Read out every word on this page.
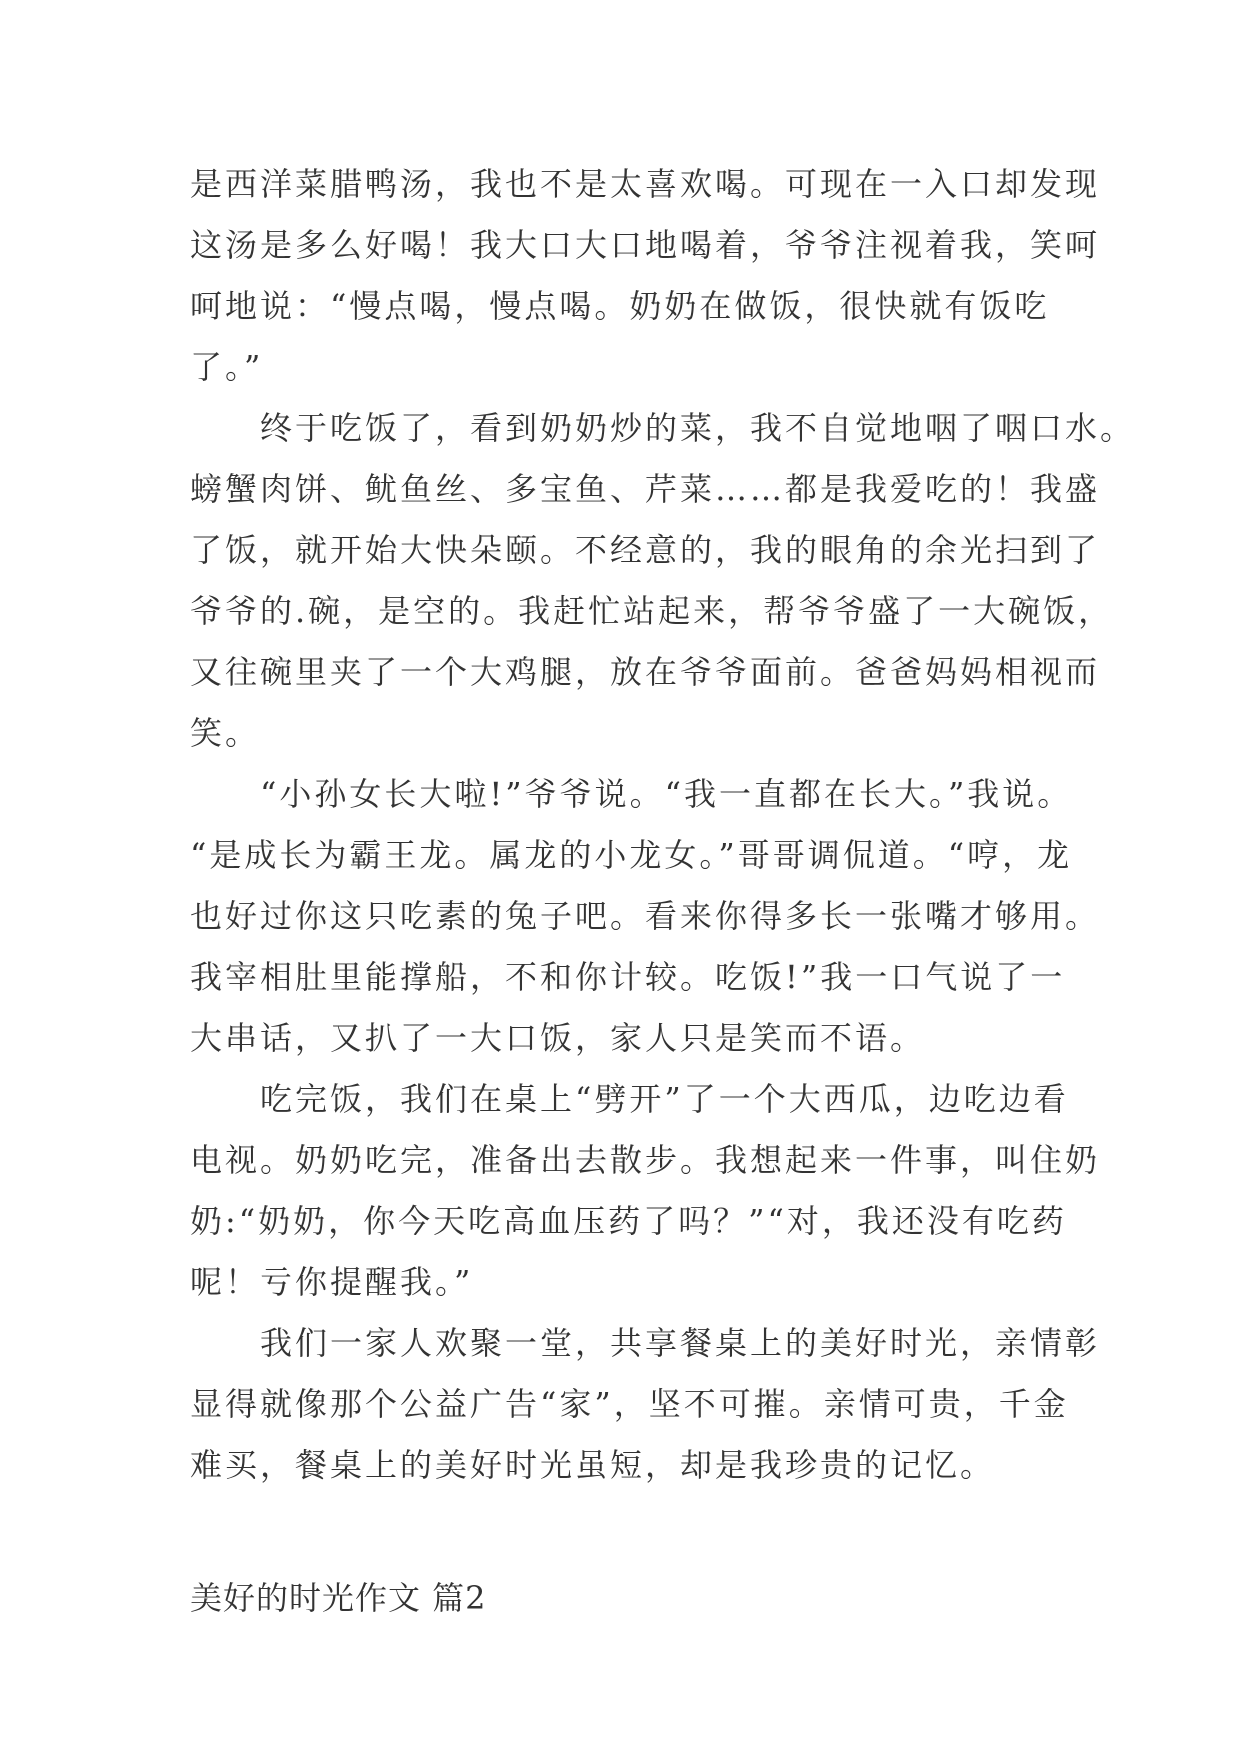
是西洋菜腊鸭汤，我也不是太喜欢喝。可现在一入口却发现
这汤是多么好喝！我大口大口地喝着，爷爷注视着我，笑呵
呵地说：“慢点喝，慢点喝。奶奶在做饭，很快就有饭吃
了。”
　　终于吃饭了，看到奶奶炒的菜，我不自觉地咽了咽口水。
螃蟹肉饼、鱿鱼丝、多宝鱼、芹菜……都是我爱吃的！我盛
了饭，就开始大快朵颐。不经意的，我的眼角的余光扫到了
爷爷的.碗，是空的。我赶忙站起来，帮爷爷盛了一大碗饭，
又往碗里夹了一个大鸡腿，放在爷爷面前。爸爸妈妈相视而
笑。
　　“小孙女长大啦!”爷爷说。“我一直都在长大。”我说。
“是成长为霸王龙。属龙的小龙女。”哥哥调侃道。“哼，龙
也好过你这只吃素的兔子吧。看来你得多长一张嘴才够用。
我宰相肚里能撑船，不和你计较。吃饭!”我一口气说了一
大串话，又扒了一大口饭，家人只是笑而不语。
　　吃完饭，我们在桌上“劈开”了一个大西瓜，边吃边看
电视。奶奶吃完，准备出去散步。我想起来一件事，叫住奶
奶:“奶奶，你今天吃高血压药了吗？”“对，我还没有吃药
呢！亏你提醒我。”
　　我们一家人欢聚一堂，共享餐桌上的美好时光，亲情彰
显得就像那个公益广告“家”，坚不可摧。亲情可贵，千金
难买，餐桌上的美好时光虽短，却是我珍贵的记忆。
美好的时光作文 篇2
